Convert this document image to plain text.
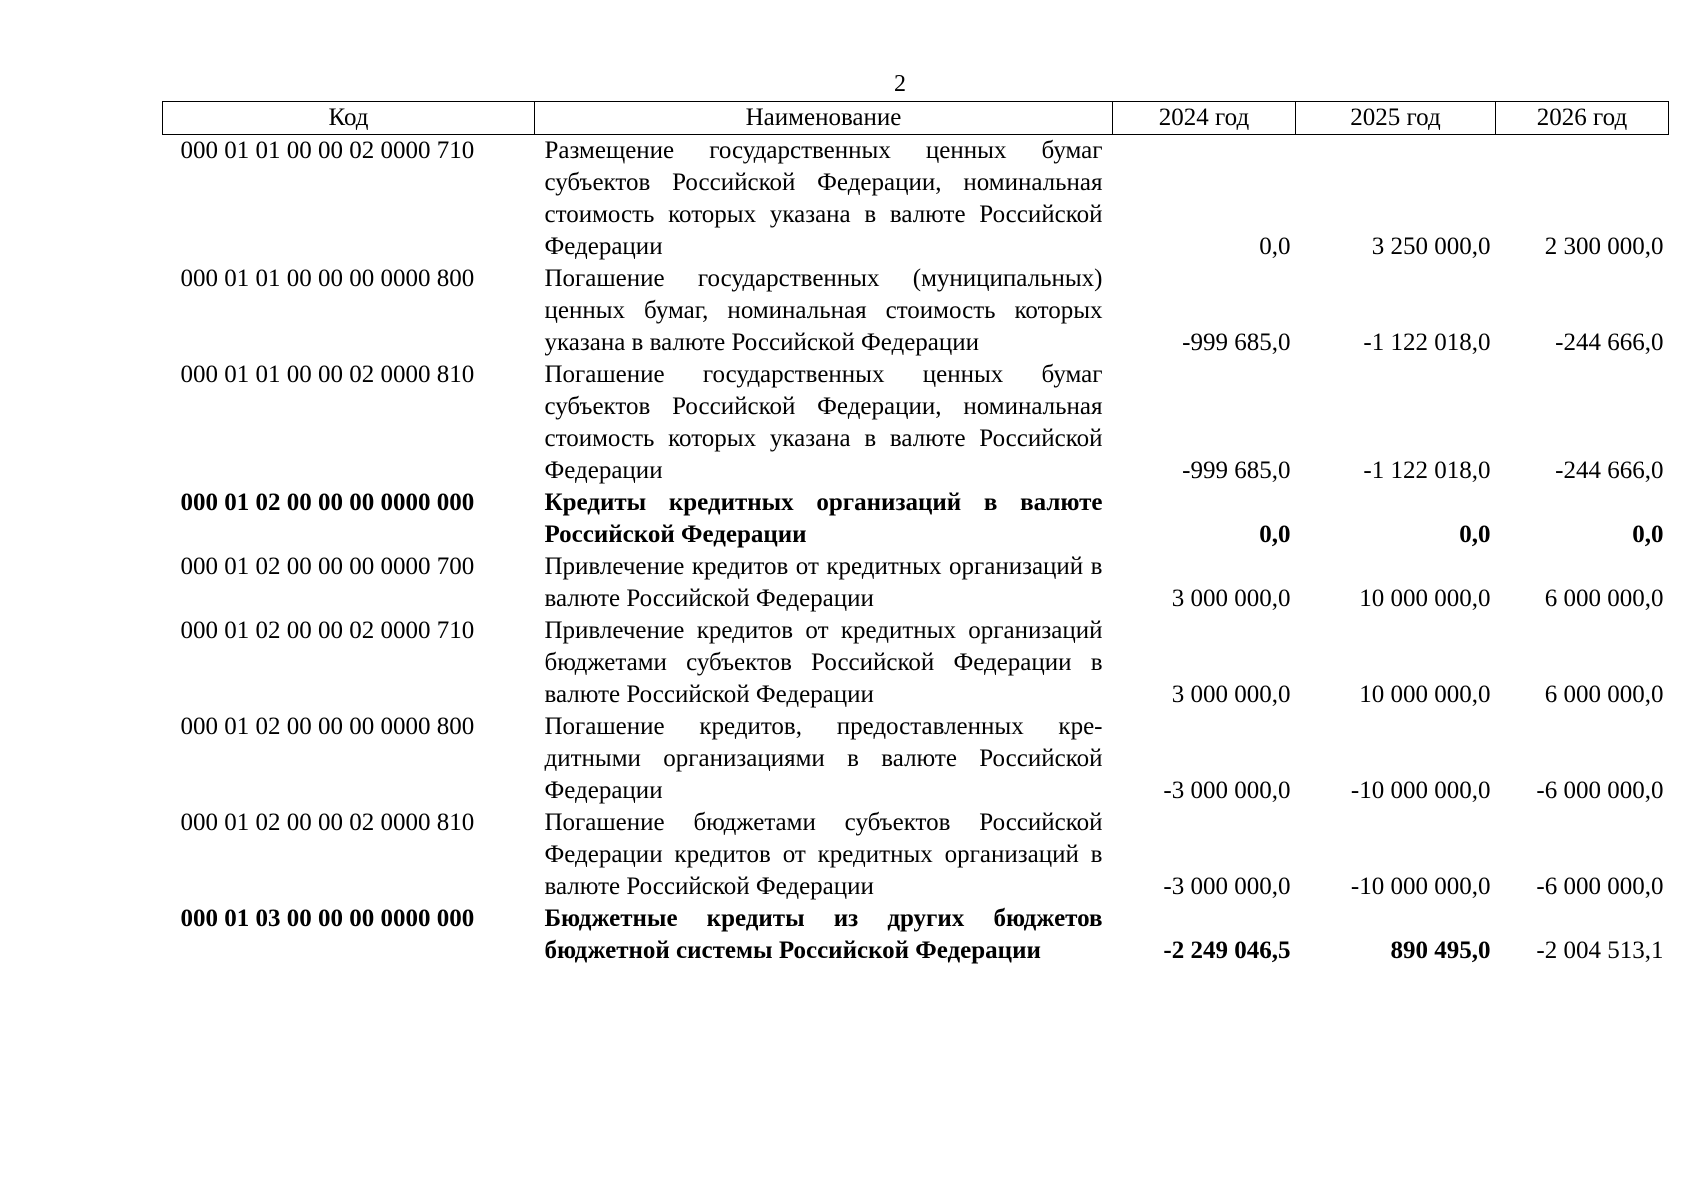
2
Код	Наименование	2024 год	2025 год	2026 год
000 01 01 00 00 02 0000 710	Размещение государственных ценных бумаг субъектов Российской Федерации, номинальная стоимость которых указана в валюте Российской Федерации	0,0	3 250 000,0	2 300 000,0
000 01 01 00 00 00 0000 800	Погашение государственных (муниципальных) ценных бумаг, номинальная стоимость которых указана в валюте Российской Федерации	-999 685,0	-1 122 018,0	-244 666,0
000 01 01 00 00 02 0000 810	Погашение государственных ценных бумаг субъектов Российской Федерации, номинальная стоимость которых указана в валюте Российской Федерации	-999 685,0	-1 122 018,0	-244 666,0
000 01 02 00 00 00 0000 000	Кредиты кредитных организаций в валюте Российской Федерации	0,0	0,0	0,0
000 01 02 00 00 00 0000 700	Привлечение кредитов от кредитных организаций в валюте Российской Федерации	3 000 000,0	10 000 000,0	6 000 000,0
000 01 02 00 00 02 0000 710	Привлечение кредитов от кредитных организаций бюджетами субъектов Российской Федерации в валюте Российской Федерации	3 000 000,0	10 000 000,0	6 000 000,0
000 01 02 00 00 00 0000 800	Погашение кредитов, предоставленных кредитными организациями в валюте Российской Федерации	-3 000 000,0	-10 000 000,0	-6 000 000,0
000 01 02 00 00 02 0000 810	Погашение бюджетами субъектов Российской Федерации кредитов от кредитных организаций в валюте Российской Федерации	-3 000 000,0	-10 000 000,0	-6 000 000,0
000 01 03 00 00 00 0000 000	Бюджетные кредиты из других бюджетов бюджетной системы Российской Федерации	-2 249 046,5	890 495,0	-2 004 513,1
